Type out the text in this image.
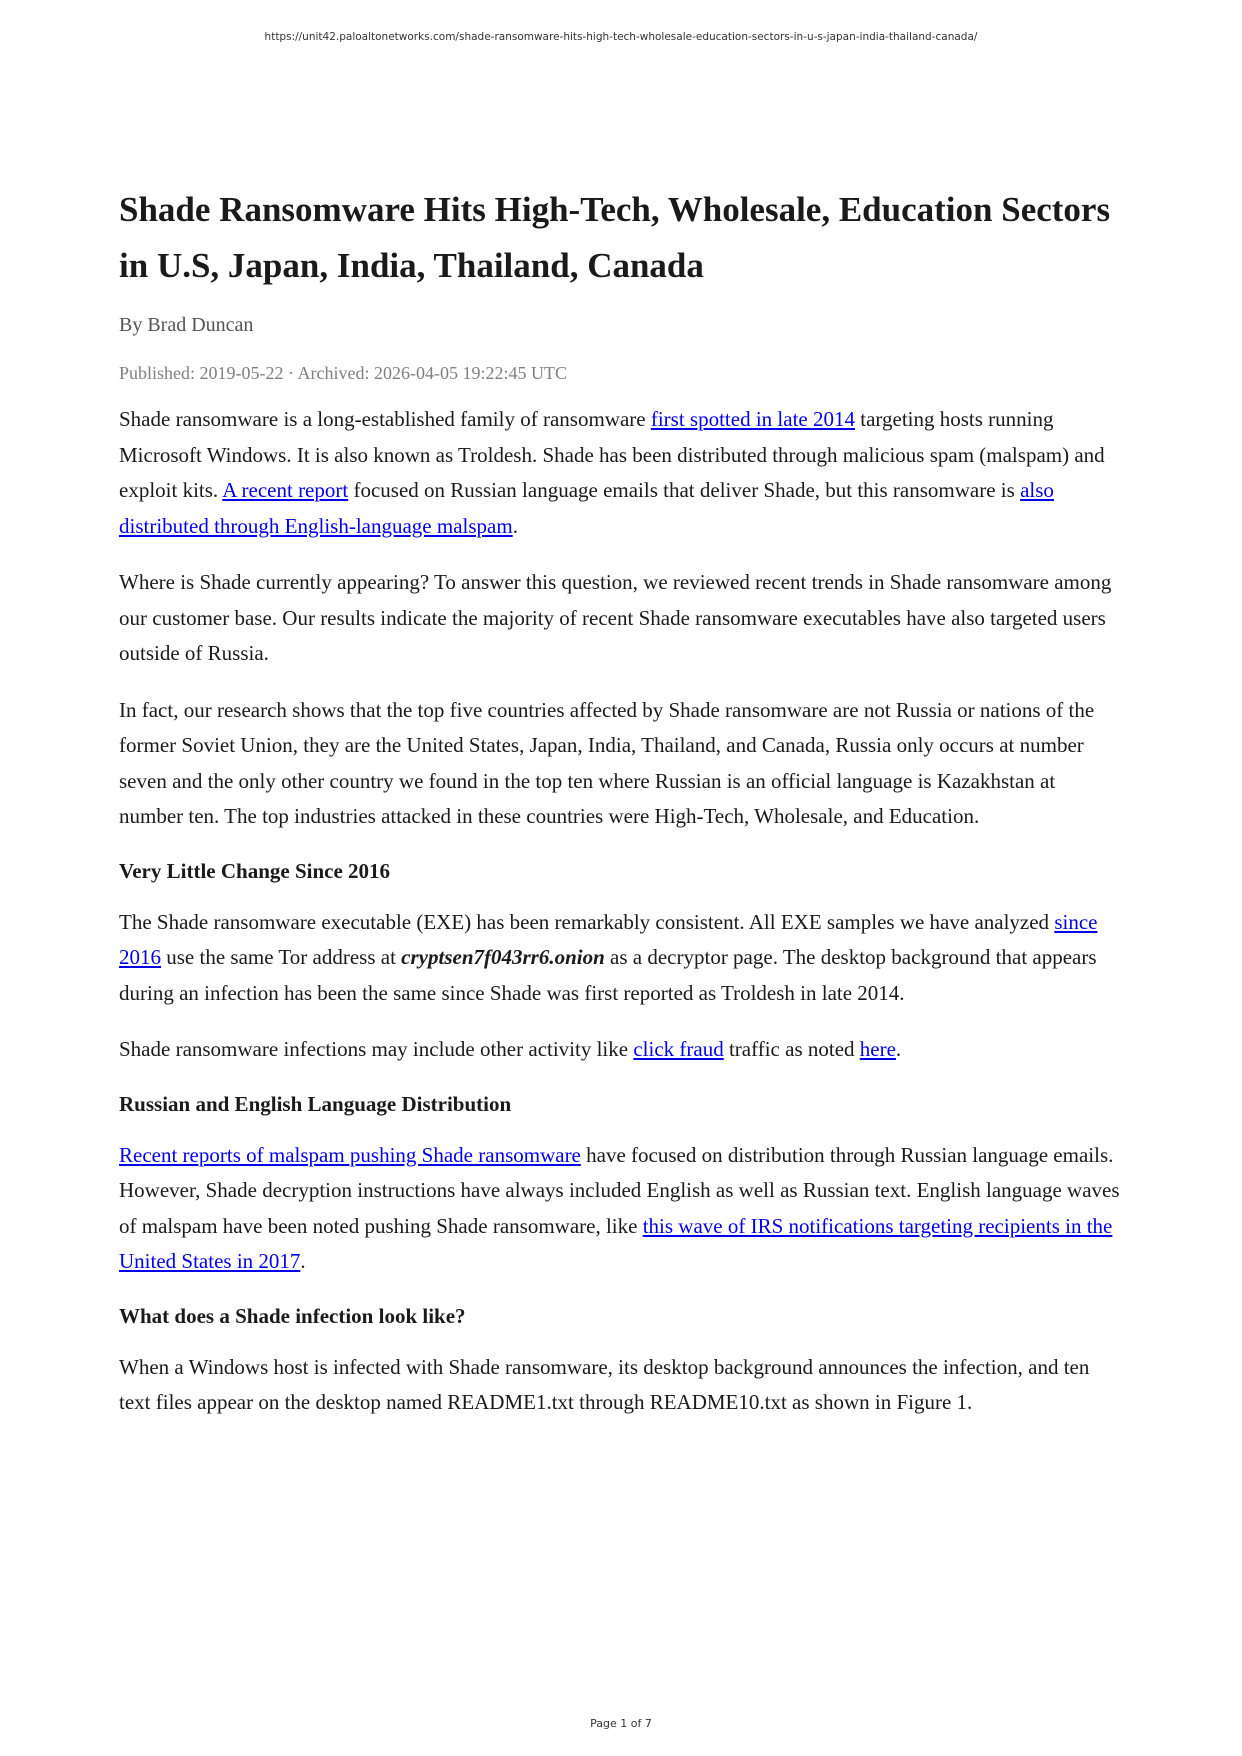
https://unit42.paloaltonetworks.com/shade-ransomware-hits-high-tech-wholesale-education-sectors-in-u-s-japan-india-thailand-canada/
Shade Ransomware Hits High-Tech, Wholesale, Education Sectors in U.S, Japan, India, Thailand, Canada
By Brad Duncan
Published: 2019-05-22 · Archived: 2026-04-05 19:22:45 UTC

Shade ransomware is a long-established family of ransomware first spotted in late 2014 targeting hosts running Microsoft Windows. It is also known as Troldesh. Shade has been distributed through malicious spam (malspam) and exploit kits. A recent report focused on Russian language emails that deliver Shade, but this ransomware is also distributed through English-language malspam.

Where is Shade currently appearing? To answer this question, we reviewed recent trends in Shade ransomware among our customer base. Our results indicate the majority of recent Shade ransomware executables have also targeted users outside of Russia.

In fact, our research shows that the top five countries affected by Shade ransomware are not Russia or nations of the former Soviet Union, they are the United States, Japan, India, Thailand, and Canada, Russia only occurs at number seven and the only other country we found in the top ten where Russian is an official language is Kazakhstan at number ten. The top industries attacked in these countries were High-Tech, Wholesale, and Education.

Very Little Change Since 2016

The Shade ransomware executable (EXE) has been remarkably consistent. All EXE samples we have analyzed since 2016 use the same Tor address at cryptsen7f043rr6.onion as a decryptor page. The desktop background that appears during an infection has been the same since Shade was first reported as Troldesh in late 2014.

Shade ransomware infections may include other activity like click fraud traffic as noted here.

Russian and English Language Distribution

Recent reports of malspam pushing Shade ransomware have focused on distribution through Russian language emails. However, Shade decryption instructions have always included English as well as Russian text. English language waves of malspam have been noted pushing Shade ransomware, like this wave of IRS notifications targeting recipients in the United States in 2017.

What does a Shade infection look like?

When a Windows host is infected with Shade ransomware, its desktop background announces the infection, and ten text files appear on the desktop named README1.txt through README10.txt as shown in Figure 1.

Page 1 of 7
